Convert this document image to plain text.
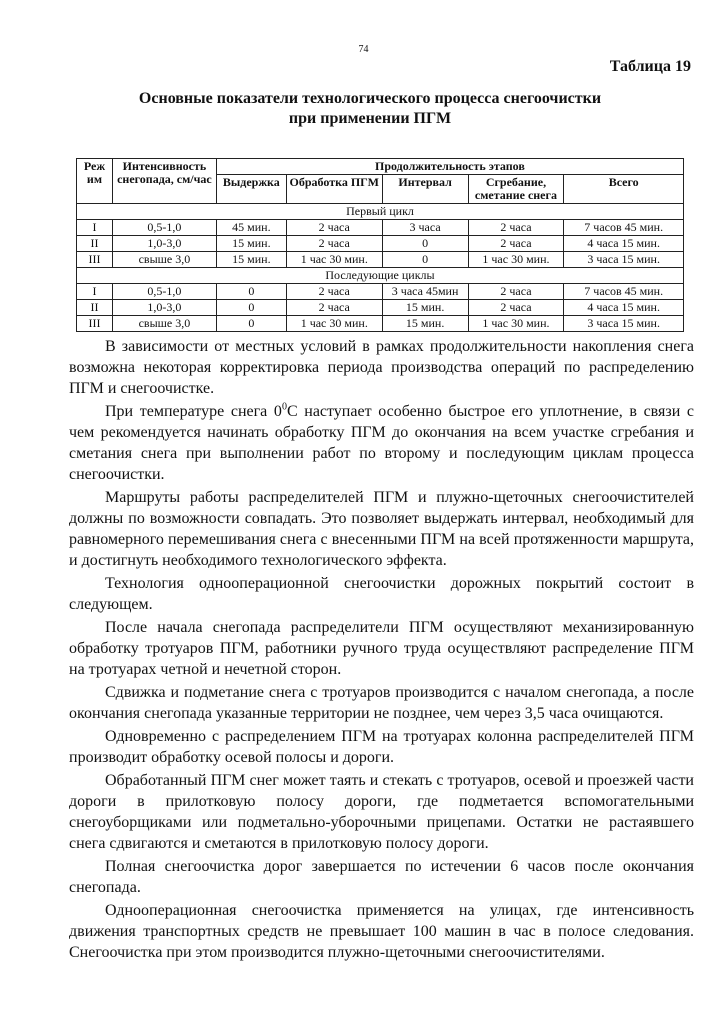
74
Таблица 19
Основные показатели технологического процесса снегоочистки
при применении ПГМ
Реж им	Интенсивность снегопада, см/час	Продолжительность этапов				
		Выдержка	Обработка ПГМ	Интервал	Сгребание, сметание снега	Всего
Первый цикл						
I	0,5-1,0	45 мин.	2 часа	3 часа	2 часа	7 часов 45 мин.
II	1,0-3,0	15 мин.	2 часа	0	2 часа	4 часа 15 мин.
III	свыше 3,0	15 мин.	1 час 30 мин.	0	1 час 30 мин.	3 часа 15 мин.
Последующие циклы						
I	0,5-1,0	0	2 часа	3 часа 45мин	2 часа	7 часов 45 мин.
II	1,0-3,0	0	2 часа	15 мин.	2 часа	4 часа 15 мин.
III	свыше 3,0	0	1 час 30 мин.	15 мин.	1 час 30 мин.	3 часа 15 мин.

В зависимости от местных условий в рамках продолжительности накопления снега возможна некоторая корректировка периода производства операций по распределению ПГМ и снегоочистке.

При температуре снега $0^0С$ наступает особенно быстрое его уплотнение, в связи с чем рекомендуется начинать обработку ПГМ до окончания на всем участке сгребания и сметания снега при выполнении работ по второму и последующим циклам процесса снегоочистки.

Маршруты работы распределителей ПГМ и плужно-щеточных снегоочистителей должны по возможности совпадать. Это позволяет выдержать интервал, необходимый для равномерного перемешивания снега с внесенными ПГМ на всей протяженности маршрута, и достигнуть необходимого технологического эффекта.

Технология однооперационной снегоочистки дорожных покрытий состоит в следующем.

После начала снегопада распределители ПГМ осуществляют механизированную обработку тротуаров ПГМ, работники ручного труда осуществляют распределение ПГМ на тротуарах четной и нечетной сторон.

Сдвижка и подметание снега с тротуаров производится с началом снегопада, а после окончания снегопада указанные территории не позднее, чем через 3,5 часа очищаются.

Одновременно с распределением ПГМ на тротуарах колонна распределителей ПГМ производит обработку осевой полосы и дороги.

Обработанный ПГМ снег может таять и стекать с тротуаров, осевой и проезжей части дороги в прилотковую полосу дороги, где подметается вспомогательными снегоуборщиками или подметально-уборочными прицепами. Остатки не растаявшего снега сдвигаются и сметаются в прилотковую полосу дороги.

Полная снегоочистка дорог завершается по истечении 6 часов после окончания снегопада.

Однооперационная снегоочистка применяется на улицах, где интенсивность движения транспортных средств не превышает 100 машин в час в полосе следования. Снегоочистка при этом производится плужно-щеточными снегоочистителями.
